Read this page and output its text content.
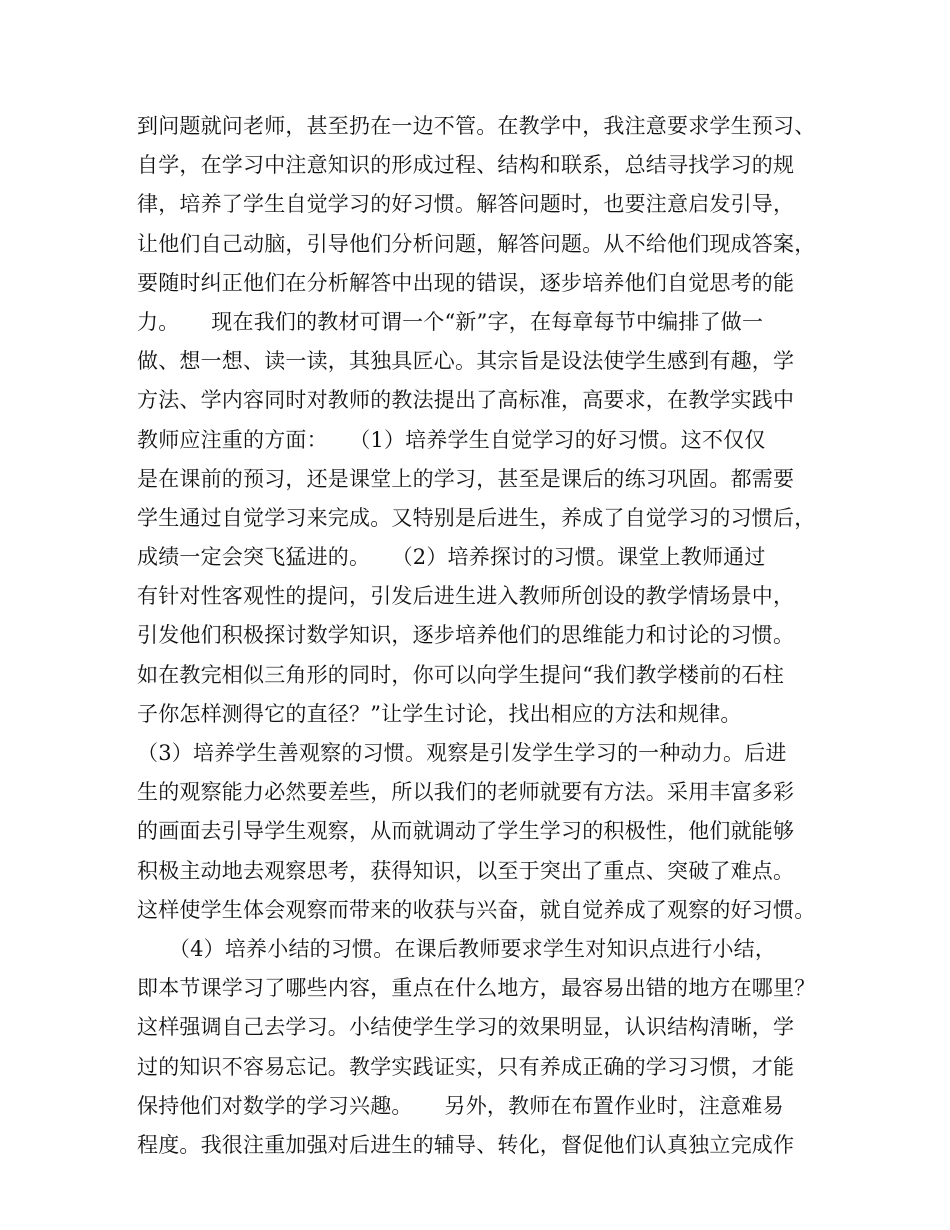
到问题就问老师，甚至扔在一边不管。在教学中，我注意要求学生预习、
自学，在学习中注意知识的形成过程、结构和联系，总结寻找学习的规
律，培养了学生自觉学习的好习惯。解答问题时，也要注意启发引导，
让他们自己动脑，引导他们分析问题，解答问题。从不给他们现成答案，
要随时纠正他们在分析解答中出现的错误，逐步培养他们自觉思考的能
力。　　现在我们的教材可谓一个“新”字，在每章每节中编排了做一
做、想一想、读一读，其独具匠心。其宗旨是设法使学生感到有趣，学
方法、学内容同时对教师的教法提出了高标准，高要求，在教学实践中
教师应注重的方面：　　（1）培养学生自觉学习的好习惯。这不仅仅
是在课前的预习，还是课堂上的学习，甚至是课后的练习巩固。都需要
学生通过自觉学习来完成。又特别是后进生，养成了自觉学习的习惯后，
成绩一定会突飞猛进的。　　（2）培养探讨的习惯。课堂上教师通过
有针对性客观性的提问，引发后进生进入教师所创设的教学情场景中，
引发他们积极探讨数学知识，逐步培养他们的思维能力和讨论的习惯。
如在教完相似三角形的同时，你可以向学生提问“我们教学楼前的石柱
子你怎样测得它的直径？”让学生讨论，找出相应的方法和规律。
（3）培养学生善观察的习惯。观察是引发学生学习的一种动力。后进
生的观察能力必然要差些，所以我们的老师就要有方法。采用丰富多彩
的画面去引导学生观察，从而就调动了学生学习的积极性，他们就能够
积极主动地去观察思考，获得知识，以至于突出了重点、突破了难点。
这样使学生体会观察而带来的收获与兴奋，就自觉养成了观察的好习惯。
　　（4）培养小结的习惯。在课后教师要求学生对知识点进行小结，
即本节课学习了哪些内容，重点在什么地方，最容易出错的地方在哪里？
这样强调自己去学习。小结使学生学习的效果明显，认识结构清晰，学
过的知识不容易忘记。教学实践证实，只有养成正确的学习习惯，才能
保持他们对数学的学习兴趣。　　另外，教师在布置作业时，注意难易
程度。我很注重加强对后进生的辅导、转化，督促他们认真独立完成作
